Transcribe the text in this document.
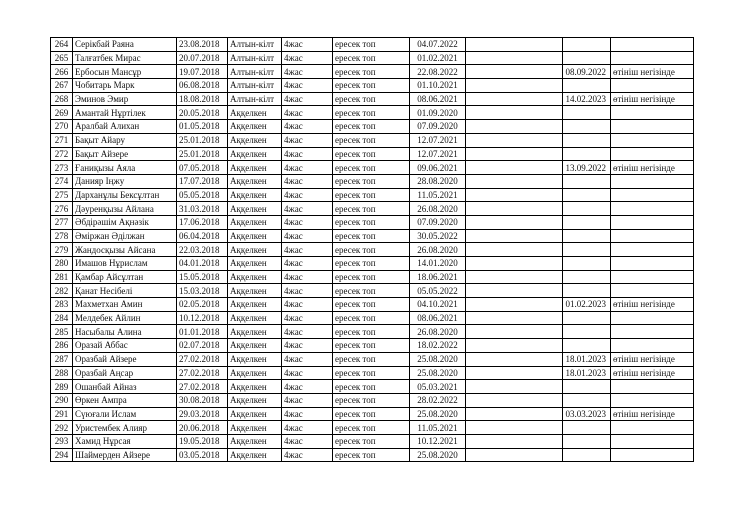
264	Серікбай Раяна	23.08.2018	Алтын-кілт	4жас	ересек топ	04.07.2022			
265	Талғатбек Мирас	20.07.2018	Алтын-кілт	4жас	ересек топ	01.02.2021			
266	Ербосын Мансұр	19.07.2018	Алтын-кілт	4жас	ересек топ	22.08.2022		08.09.2022	өтініш негізінде
267	Чобитарь Марк	06.08.2018	Алтын-кілт	4жас	ересек топ	01.10.2021			
268	Эминов Эмир	18.08.2018	Алтын-кілт	4жас	ересек топ	08.06.2021		14.02.2023	өтініш негізінде
269	Амантай Нұртілек	20.05.2018	Аққелкен	4жас	ересек топ	01.09.2020			
270	Аралбай Алихан	01.05.2018	Аққелкен	4жас	ересек топ	07.09.2020			
271	Бақыт Айару	25.01.2018	Аққелкен	4жас	ересек топ	12.07.2021			
272	Бақыт Айзере	25.01.2018	Аққелкен	4жас	ересек топ	12.07.2021			
273	Ғаниқызы Аяла	07.05.2018	Аққелкен	4жас	ересек топ	09.06.2021		13.09.2022	өтініш негізінде
274	Данияр Іңжу	17.07.2018	Аққелкен	4жас	ересек топ	28.08.2020			
275	Дарханұлы Бексұлтан	05.05.2018	Аққелкен	4жас	ересек топ	11.05.2021			
276	Дәуренқызы Айлана	31.03.2018	Аққелкен	4жас	ересек топ	26.08.2020			
277	Әбдірәшім Ақнәзік	17.06.2018	Аққелкен	4жас	ересек топ	07.09.2020			
278	Әміржан Әділжан	06.04.2018	Аққелкен	4жас	ересек топ	30.05.2022			
279	Жандосқызы Айсана	22.03.2018	Аққелкен	4жас	ересек топ	26.08.2020			
280	Имашов Нұрислам	04.01.2018	Аққелкен	4жас	ересек топ	14.01.2020			
281	Қамбар Айсұлтан	15.05.2018	Аққелкен	4жас	ересек топ	18.06.2021			
282	Қанат Несібелі	15.03.2018	Аққелкен	4жас	ересек топ	05.05.2022			
283	Махметхан Амин	02.05.2018	Аққелкен	4жас	ересек топ	04.10.2021		01.02.2023	өтініш негізінде
284	Мелдебек Айлин	10.12.2018	Аққелкен	4жас	ересек топ	08.06.2021			
285	Насыбалы Алина	01.01.2018	Аққелкен	4жас	ересек топ	26.08.2020			
286	Оразай Аббас	02.07.2018	Аққелкен	4жас	ересек топ	18.02.2022			
287	Оразбай Айзере	27.02.2018	Аққелкен	4жас	ересек топ	25.08.2020		18.01.2023	өтініш негізінде
288	Оразбай Аңсар	27.02.2018	Аққелкен	4жас	ересек топ	25.08.2020		18.01.2023	өтініш негізінде
289	Ошанбай Айназ	27.02.2018	Аққелкен	4жас	ересек топ	05.03.2021			
290	Өркен Ампра	30.08.2018	Аққелкен	4жас	ересек топ	28.02.2022			
291	Сүюғали Ислам	29.03.2018	Аққелкен	4жас	ересек топ	25.08.2020		03.03.2023	өтініш негізінде
292	Уристембек Алияр	20.06.2018	Аққелкен	4жас	ересек топ	11.05.2021			
293	Хамид Нұрсая	19.05.2018	Аққелкен	4жас	ересек топ	10.12.2021			
294	Шаймерден Айзере	03.05.2018	Аққелкен	4жас	ересек топ	25.08.2020			
